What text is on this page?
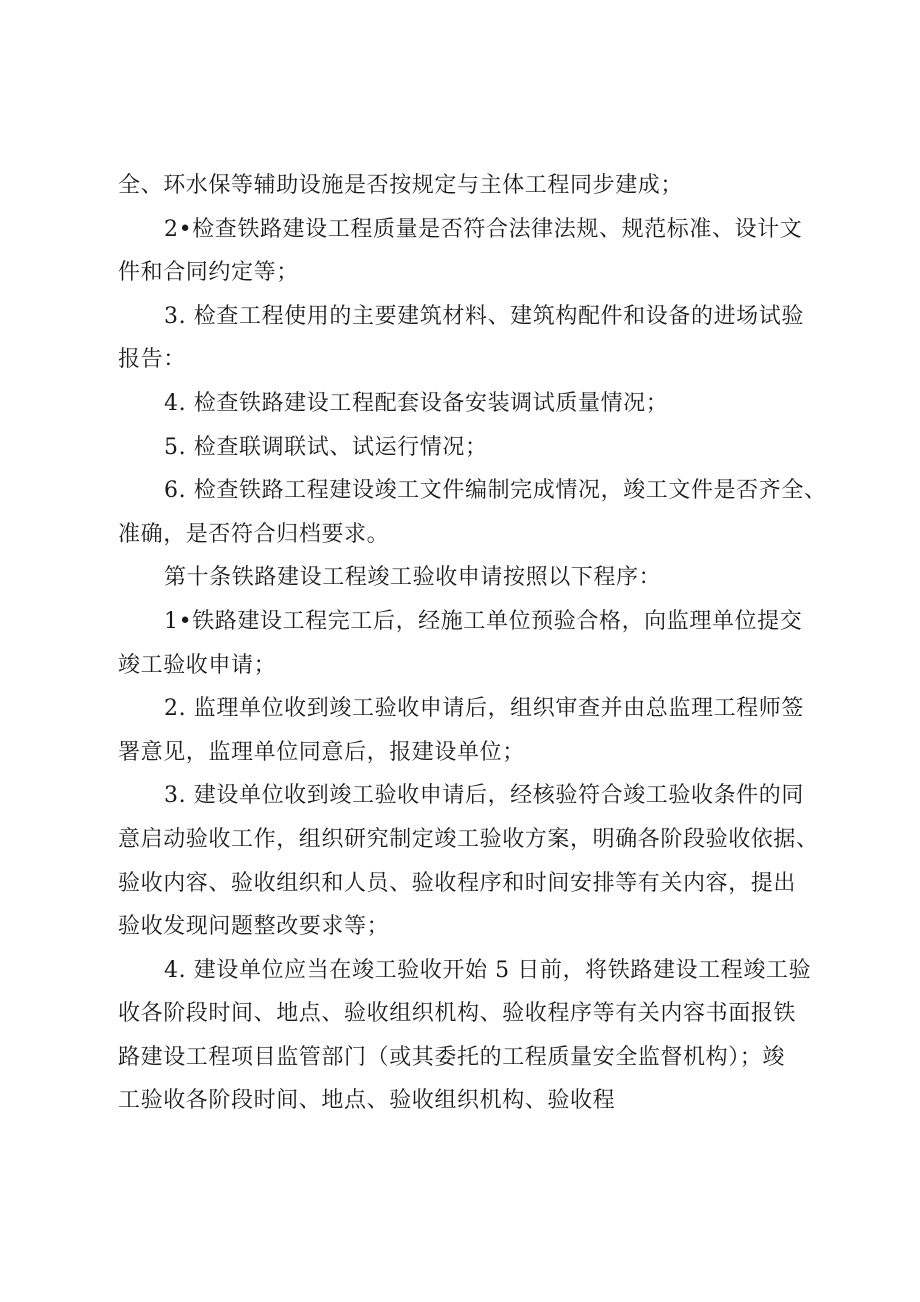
全、环水保等辅助设施是否按规定与主体工程同步建成；
2•检查铁路建设工程质量是否符合法律法规、规范标准、设计文
件和合同约定等；
3. 检查工程使用的主要建筑材料、建筑构配件和设备的进场试验
报告：
4. 检查铁路建设工程配套设备安装调试质量情况；
5. 检查联调联试、试运行情况；
6. 检查铁路工程建设竣工文件编制完成情况，竣工文件是否齐全、
准确，是否符合归档要求。
第十条铁路建设工程竣工验收申请按照以下程序：
1•铁路建设工程完工后，经施工单位预验合格，向监理单位提交
竣工验收申请；
2. 监理单位收到竣工验收申请后，组织审查并由总监理工程师签
署意见，监理单位同意后，报建设单位；
3. 建设单位收到竣工验收申请后，经核验符合竣工验收条件的同
意启动验收工作，组织研究制定竣工验收方案，明确各阶段验收依据、
验收内容、验收组织和人员、验收程序和时间安排等有关内容，提出
验收发现问题整改要求等；
4. 建设单位应当在竣工验收开始 5 日前，将铁路建设工程竣工验
收各阶段时间、地点、验收组织机构、验收程序等有关内容书面报铁
路建设工程项目监管部门（或其委托的工程质量安全监督机构）；竣
工验收各阶段时间、地点、验收组织机构、验收程
